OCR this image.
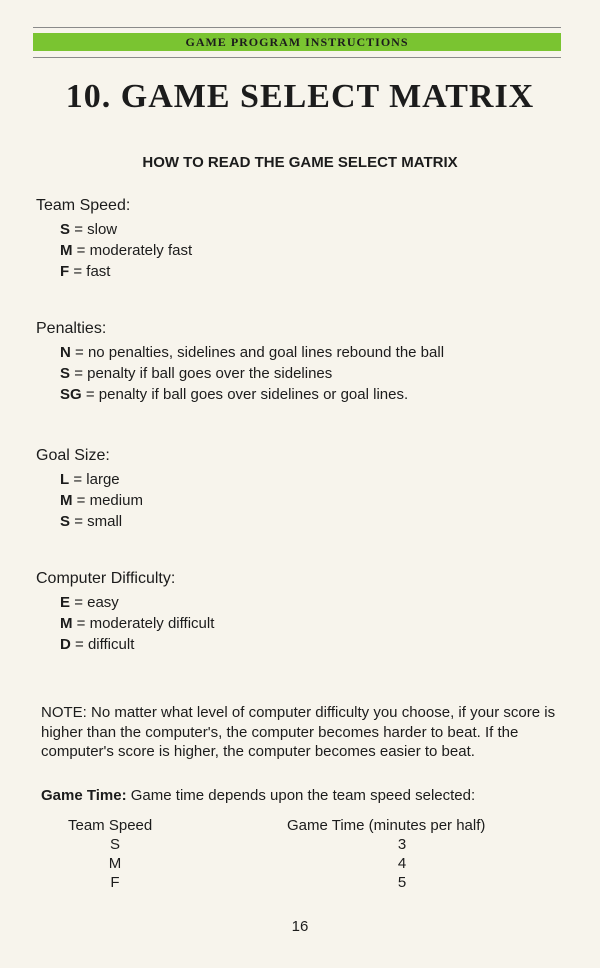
GAME PROGRAM INSTRUCTIONS
10. GAME SELECT MATRIX
HOW TO READ THE GAME SELECT MATRIX
Team Speed:
S = slow
M = moderately fast
F = fast
Penalties:
N = no penalties, sidelines and goal lines rebound the ball
S = penalty if ball goes over the sidelines
SG = penalty if ball goes over sidelines or goal lines.
Goal Size:
L = large
M = medium
S = small
Computer Difficulty:
E = easy
M = moderately difficult
D = difficult
NOTE: No matter what level of computer difficulty you choose, if your score is higher than the computer's, the computer becomes harder to beat. If the computer's score is higher, the computer becomes easier to beat.
Game Time: Game time depends upon the team speed selected:
Team Speed	Game Time (minutes per half)
S	3
M	4
F	5
16
